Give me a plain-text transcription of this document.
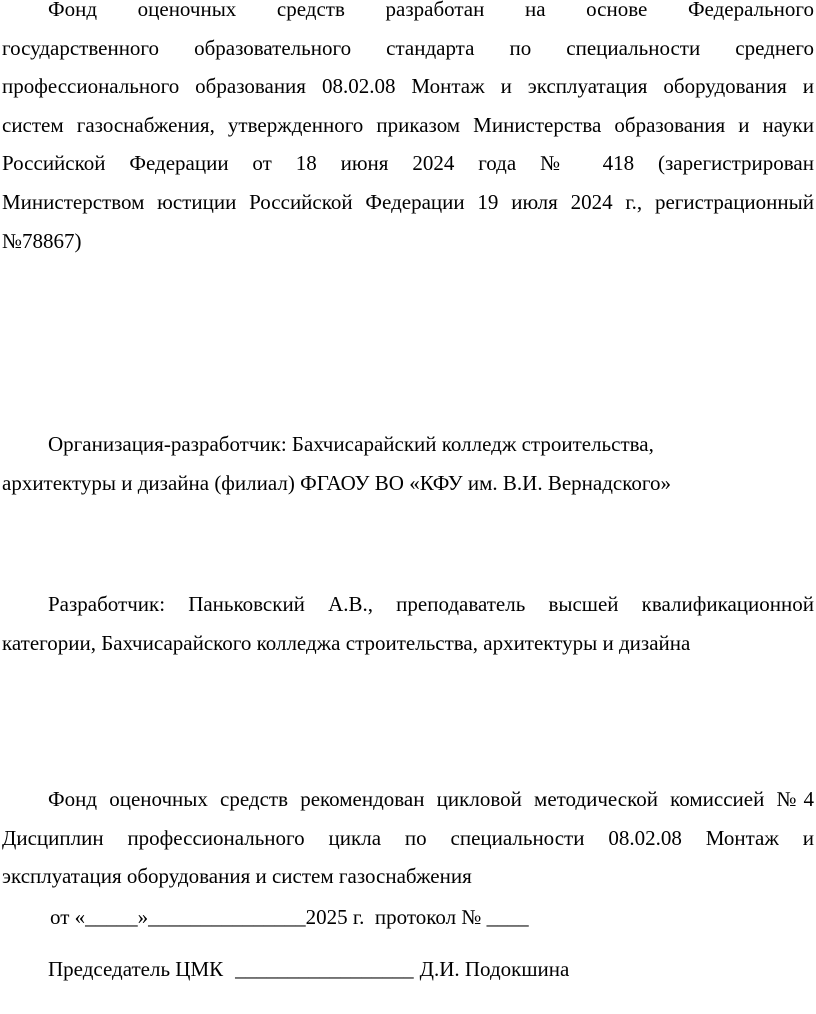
Фонд оценочных средств разработан на основе Федерального
государственного образовательного стандарта по специальности среднего
профессионального образования 08.02.08 Монтаж и эксплуатация оборудования и
систем газоснабжения, утвержденного приказом Министерства образования и науки
Российской Федерации от 18 июня 2024 года № 418 (зарегистрирован
Министерством юстиции Российской Федерации 19 июля 2024 г., регистрационный
№78867)
Организация-разработчик: Бахчисарайский колледж строительства,
архитектуры и дизайна (филиал) ФГАОУ ВО «КФУ им. В.И. Вернадского»
Разработчик: Паньковский А.В., преподаватель высшей квалификационной
категории, Бахчисарайского колледжа строительства, архитектуры и дизайна
Фонд оценочных средств рекомендован цикловой методической комиссией №4
Дисциплин профессионального цикла по специальности 08.02.08 Монтаж и
эксплуатация оборудования и систем газоснабжения
от «_____»_______________2025 г.  протокол № ____
Председатель ЦМК _________________ Д.И. Подокшина
